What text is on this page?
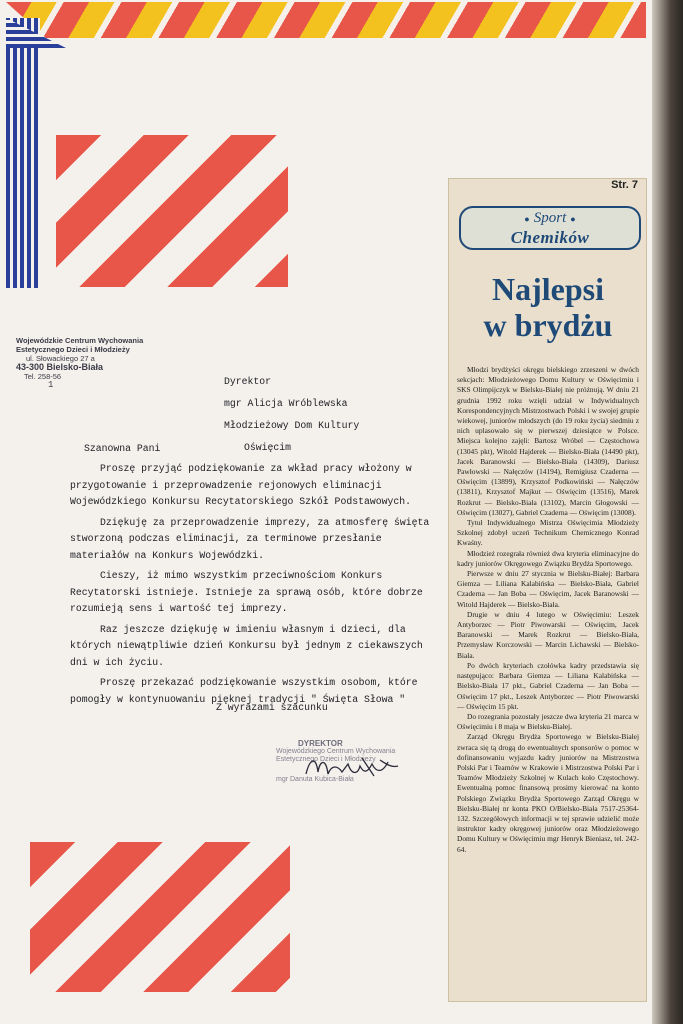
Wojewódzkie Centrum Wychowania
Estetycznego Dzieci i Młodzieży
ul. Słowackiego 27 a
43-300 Bielsko-Biała
Tel. 258-56
1	Dyrektor
mgr Alicja Wróblewska
Młodzieżowy Dom Kultury
Oświęcim
Szanowna Pani

Proszę przyjąć podziękowanie za wkład pracy włożony w przygotowanie i przeprowadzenie rejonowych eliminacji Wojewódzkiego Konkursu Recytatorskiego Szkół Podstawowych.

Dziękuję za przeprowadzenie imprezy, za atmosferę święta stworzoną podczas eliminacji, za terminowe przesłanie materiałów na Konkurs Wojewódzki.

Cieszy, iż mimo wszystkim przeciwnościom Konkurs Recytatorski istnieje. Istnieje za sprawą osób, które dobrze rozumieją sens i wartość tej imprezy.

Raz jeszcze dziękuję w imieniu własnym i dzieci, dla których niewątpliwie dzień Konkursu był jednym z ciekawszych dni w ich życiu.

Proszę przekazać podziękowanie wszystkim osobom, które pomogły w kontynuowaniu pięknej tradycji " Święta Słowa "

Z wyrazami szacunku
DYREKTOR
Wojewódzkiego Centrum Wychowania
Estetycznego Dzieci i Młodzieży
mgr Danuta Kubica-Biała
Str. 7
● Sport ●
Chemików
Najlepsi
w brydżu

Młodzi brydżyści okręgu bielskiego zrzeszeni w dwóch sekcjach: Młodzieżowego Domu Kultury w Oświęcimiu i SKS Olimpijczyk w Bielsku-Białej nie próżnują. W dniu 21 grudnia 1992 roku wzięli udział w Indywidualnych Korespondencyjnych Mistrzostwach Polski i w swojej grupie wiekowej, juniorów młodszych (do 19 roku życia) siedmiu z nich uplasowało się w pierwszej dziesiątce w Polsce. Miejsca kolejno zajęli: Bartosz Wróbel — Częstochowa (13045 pkt), Witold Hajderek — Bielsko-Biała (14490 pkt), Jacek Baranowski — Bielsko-Biała (14309), Dariusz Pawłowski — Nałęczów (14194), Remigiusz Czaderna — Oświęcim (13899), Krzysztof Podkowiński — Nałęczów (13811), Krzysztof Majkut — Oświęcim (13516), Marek Rozkrut — Bielsko-Biała (13102), Marcin Głogowski — Oświęcim (13027), Gabriel Czaderna — Oświęcim (13008).

Tytuł Indywidualnego Mistrza Oświęcimia Młodzieży Szkolnej zdobył uczeń Technikum Chemicznego Konrad Kwaśny.

Młodzież rozegrała również dwa kryteria eliminacyjne do kadry juniorów Okręgowego Związku Brydża Sportowego.

Pierwsze w dniu 27 stycznia w Bielsku-Białej: Barbara Giemza — Liliana Kalabińska — Bielsko-Biała, Gabriel Czaderna — Jan Boba — Oświęcim, Jacek Baranowski — Witold Hajderek — Bielsko-Biała.

Drugie w dniu 4 lutego w Oświęcimiu: Leszek Antyborzec — Piotr Piwowarski — Oświęcim, Jacek Baranowski — Marek Rozkrut — Bielsko-Biała, Przemysław Korczowski — Marcin Lichawski — Bielsko-Biała.

Po dwóch kryteriach czołówka kadry przedstawia się następująco: Barbara Giemza — Liliana Kalabińska — Bielsko-Biała 17 pkt., Gabriel Czaderna — Jan Boba — Oświęcim 17 pkt., Leszek Antyborzec — Piotr Piwowarski — Oświęcim 15 pkt.

Do rozegrania pozostały jeszcze dwa kryteria 21 marca w Oświęcimiu i 8 maja w Bielsku-Białej.

Zarząd Okręgu Brydża Sportowego w Bielsku-Białej zwraca się tą drogą do ewentualnych sponsorów o pomoc w dofinansowaniu wyjazdu kadry juniorów na Mistrzostwa Polski Par i Teamów w Krakowie i Mistrzostwa Polski Par i Teamów Młodzieży Szkolnej w Kulach koło Częstochowy. Ewentualną pomoc finansową prosimy kierować na konto Polskiego Związku Brydża Sportowego Zarząd Okręgu w Bielsku-Białej nr konta PKO O/Bielsko-Biała 7517-25364-132. Szczegółowych informacji w tej sprawie udzielić może instruktor kadry okręgowej juniorów oraz Młodzieżowego Domu Kultury w Oświęcimiu mgr Henryk Bieniasz, tel. 242-64.
